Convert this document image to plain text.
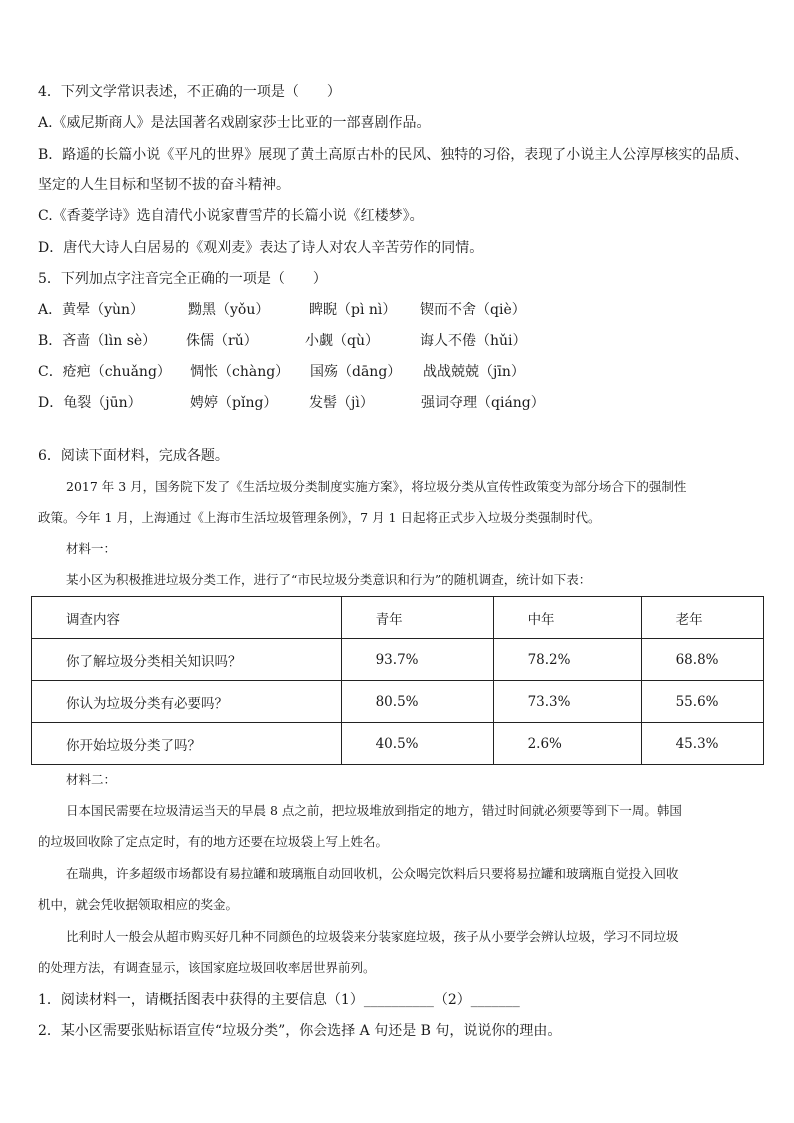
4．下列文学常识表述，不正确的一项是（　　）
A.《威尼斯商人》是法国著名戏剧家莎士比亚的一部喜剧作品。
B．路遥的长篇小说《平凡的世界》展现了黄土高原古朴的民风、独特的习俗，表现了小说主人公淳厚核实的品质、
坚定的人生目标和坚韧不拔的奋斗精神。
C.《香菱学诗》选自清代小说家曹雪芹的长篇小说《红楼梦》。
D．唐代大诗人白居易的《观刈麦》表达了诗人对农人辛苦劳作的同情。
5．下列加点字注音完全正确的一项是（　　）
A．黄晕（yùn）	黝黑（yǒu）	睥睨（pì nì） 锲而不舍（qiè）
B．吝啬（lìn sè） 侏儒（rǔ）	小觑（qù）	诲人不倦（hǔi）
C．疮疤（chuǎng） 惆怅（chàng） 国殇（dāng） 战战兢兢（jīn）
D．龟裂（jūn）	娉婷（pǐng） 发髻（jì）	强词夺理（qiáng）
6．阅读下面材料，完成各题。
2017 年 3 月，国务院下发了《生活垃圾分类制度实施方案》，将垃圾分类从宣传性政策变为部分场合下的强制性
政策。今年 1 月，上海通过《上海市生活垃圾管理条例》，7 月 1 日起将正式步入垃圾分类强制时代。
材料一：
某小区为积极推进垃圾分类工作，进行了“市民垃圾分类意识和行为”的随机调查，统计如下表：
调查内容	青年	中年	老年
你了解垃圾分类相关知识吗？	93.7%	78.2%	68.8%
你认为垃圾分类有必要吗？	80.5%	73.3%	55.6%
你开始垃圾分类了吗？	40.5%	2.6%	45.3%
材料二：
日本国民需要在垃圾清运当天的早晨 8 点之前，把垃圾堆放到指定的地方，错过时间就必须要等到下一周。韩国
的垃圾回收除了定点定时，有的地方还要在垃圾袋上写上姓名。
在瑞典，许多超级市场都设有易拉罐和玻璃瓶自动回收机，公众喝完饮料后只要将易拉罐和玻璃瓶自觉投入回收
机中，就会凭收据领取相应的奖金。
比利时人一般会从超市购买好几种不同颜色的垃圾袋来分装家庭垃圾，孩子从小要学会辨认垃圾，学习不同垃圾
的处理方法，有调查显示，该国家庭垃圾回收率居世界前列。
1．阅读材料一，请概括图表中获得的主要信息（1）__________（2）_______
2．某小区需要张贴标语宣传“垃圾分类”，你会选择 A 句还是 B 句，说说你的理由。
